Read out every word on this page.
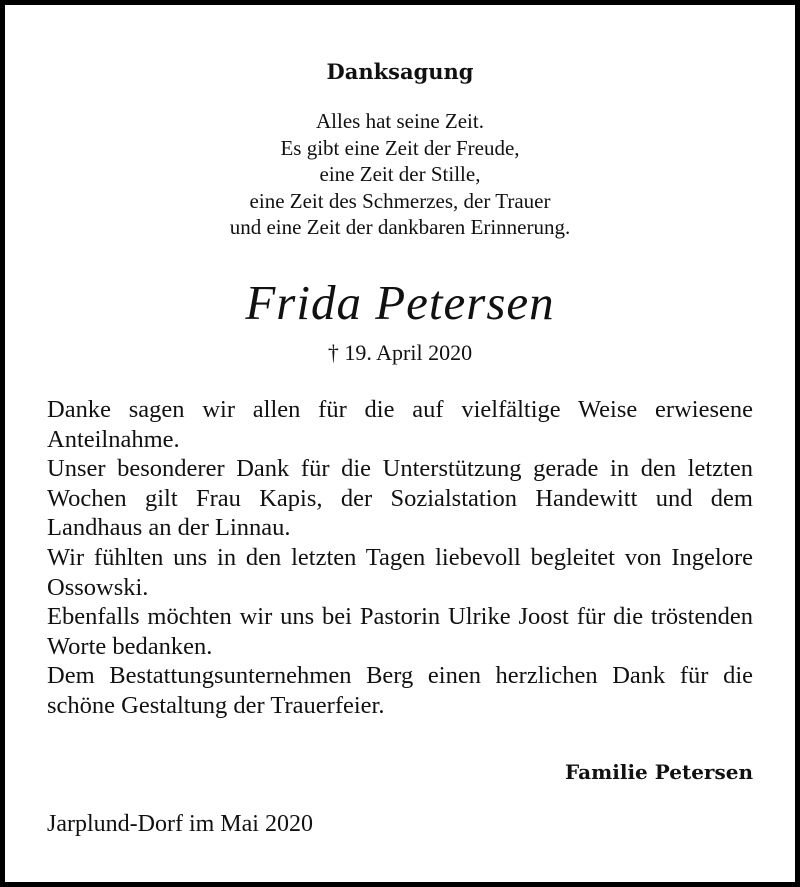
Danksagung
Alles hat seine Zeit.
Es gibt eine Zeit der Freude,
eine Zeit der Stille,
eine Zeit des Schmerzes, der Trauer
und eine Zeit der dankbaren Erinnerung.
Frida Petersen
† 19. April 2020

Danke sagen wir allen für die auf vielfältige Weise erwiesene Anteilnahme.

Unser besonderer Dank für die Unterstützung gerade in den letzten Wochen gilt Frau Kapis, der Sozialstation Handewitt und dem Landhaus an der Linnau.

Wir fühlten uns in den letzten Tagen liebevoll begleitet von Ingelore Ossowski.

Ebenfalls möchten wir uns bei Pastorin Ulrike Joost für die tröstenden Worte bedanken.

Dem Bestattungsunternehmen Berg einen herzlichen Dank für die schöne Gestaltung der Trauerfeier.

Familie Petersen
Jarplund-Dorf im Mai 2020
